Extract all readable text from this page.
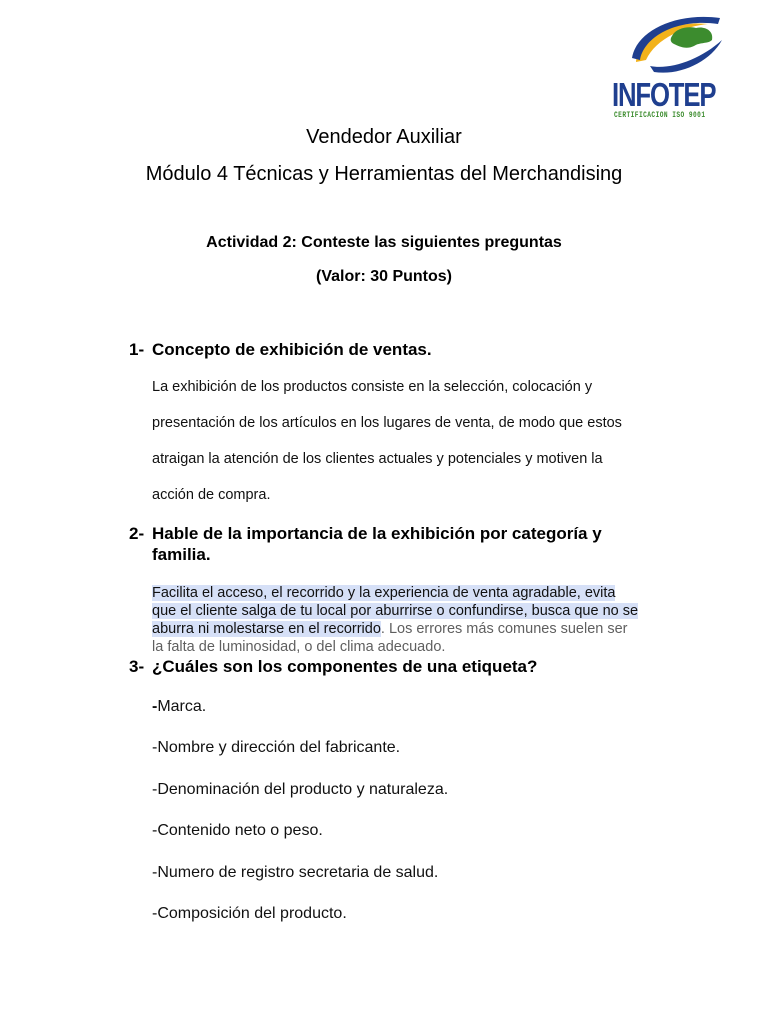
INFOTEP
CERTIFICACION ISO 9001
Vendedor Auxiliar
Módulo 4 Técnicas y Herramientas del Merchandising
Actividad 2: Conteste las siguientes preguntas
(Valor: 30 Puntos)
1- Concepto de exhibición de ventas.
La exhibición de los productos consiste en la selección, colocación y
presentación de los artículos en los lugares de venta, de modo que estos
atraigan la atención de los clientes actuales y potenciales y motiven la
acción de compra.
2- Hable de la importancia de la exhibición por categoría y
familia.
Facilita el acceso, el recorrido y la experiencia de venta agradable, evita
que el cliente salga de tu local por aburrirse o confundirse, busca que no se
aburra ni molestarse en el recorrido. Los errores más comunes suelen ser
la falta de luminosidad, o del clima adecuado.
3- ¿Cuáles son los componentes de una etiqueta?
-Marca.
-Nombre y dirección del fabricante.
-Denominación del producto y naturaleza.
-Contenido neto o peso.
-Numero de registro secretaria de salud.
-Composición del producto.
